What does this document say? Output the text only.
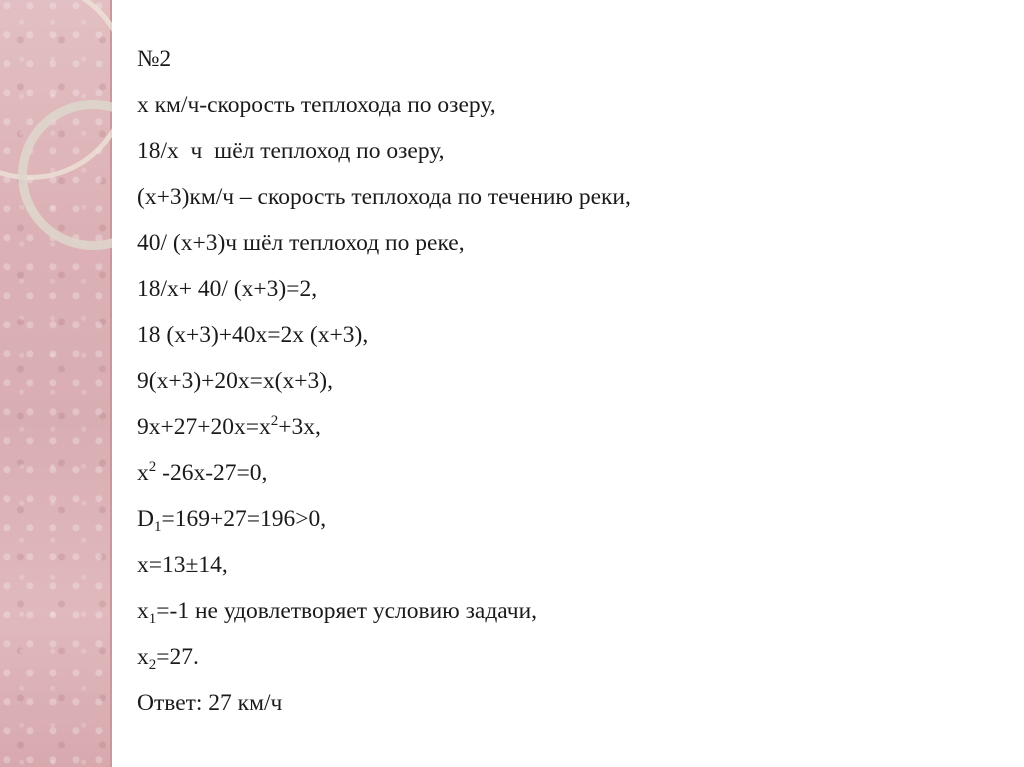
№2
х км/ч-скорость теплохода по озеру,
18/х  ч  шёл теплоход по озеру,
(х+3)км/ч – скорость теплохода по течению реки,
40/ (х+3)ч шёл теплоход по реке,
18/х+ 40/ (х+3)=2,
18 (х+3)+40х=2х (х+3),
9(х+3)+20х=х(х+3),
$9х+27+20х=х^2+3х$,
$х^2$ -26х-27=0,
$D_1=169+27=196>0$,
х=13±14,
$х_1=-1$ не удовлетворяет условию задачи,
$х_2=27$.
Ответ: 27 км/ч
